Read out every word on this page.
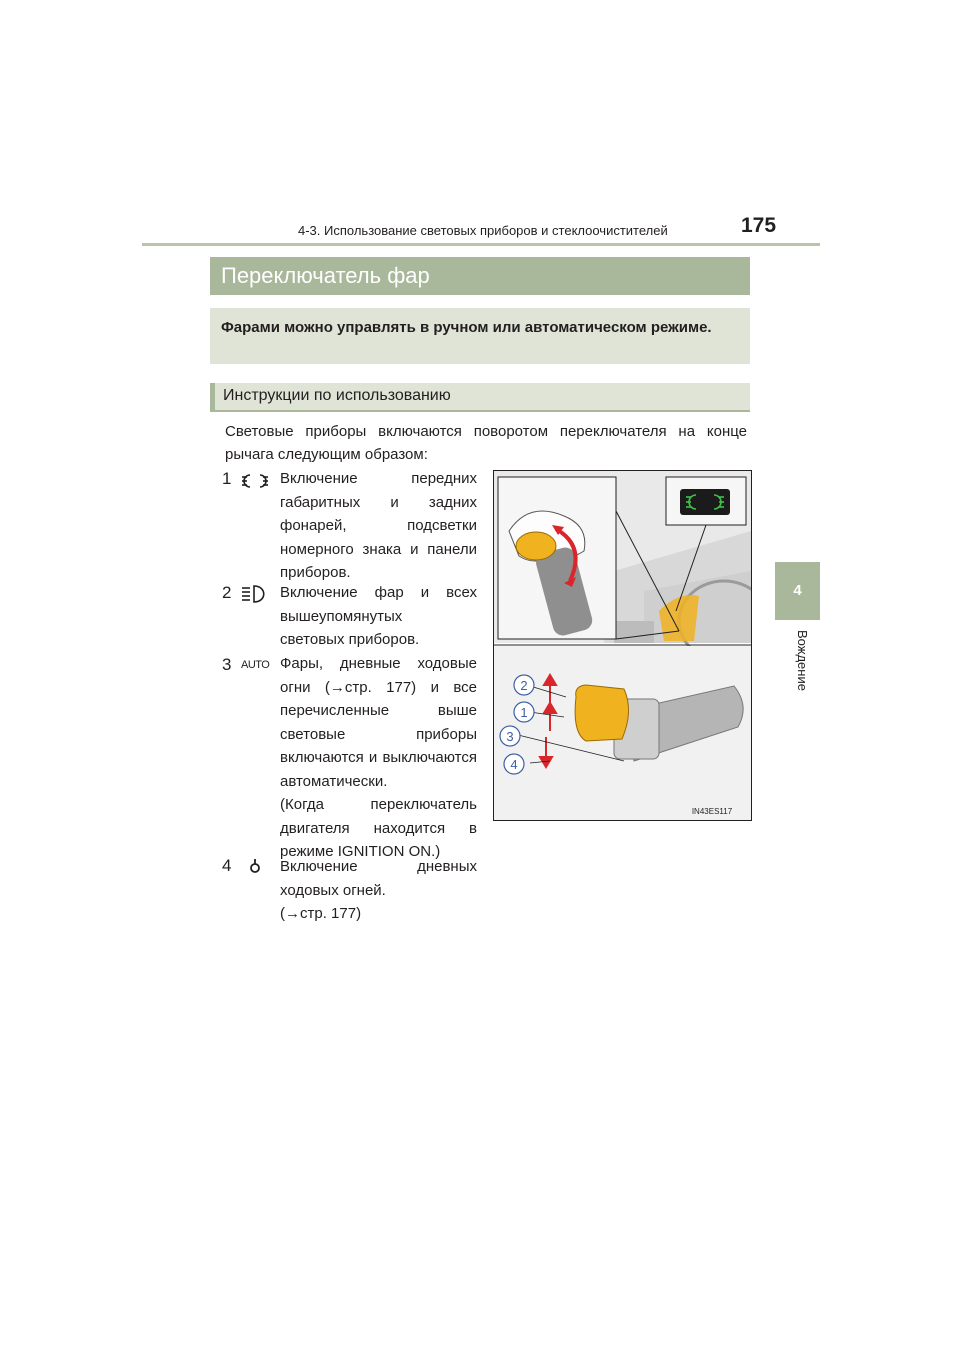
4-3. Использование световых приборов и стеклоочистителей	175
4
Вождение
Переключатель фар
Фарами можно управлять в ручном или автоматическом режиме.
Инструкции по использованию
Световые приборы включаются поворотом переключателя на конце рычага следующим образом:
1	Включение передних
габаритных и задних
фонарей, подсветки
номерного знака и панели
приборов.
2	Включение фар и всех
вышеупомянутых
световых приборов.
3 AUTO Фары, дневные ходовые
огни (→стр. 177) и все
перечисленные выше
световые приборы
включаются и выключаются
автоматически.
(Когда переключатель
двигателя находится в
режиме IGNITION ON.)
4	Включение дневных
ходовых огней.
(→стр. 177)
2
1
3
4
IN43ES117
